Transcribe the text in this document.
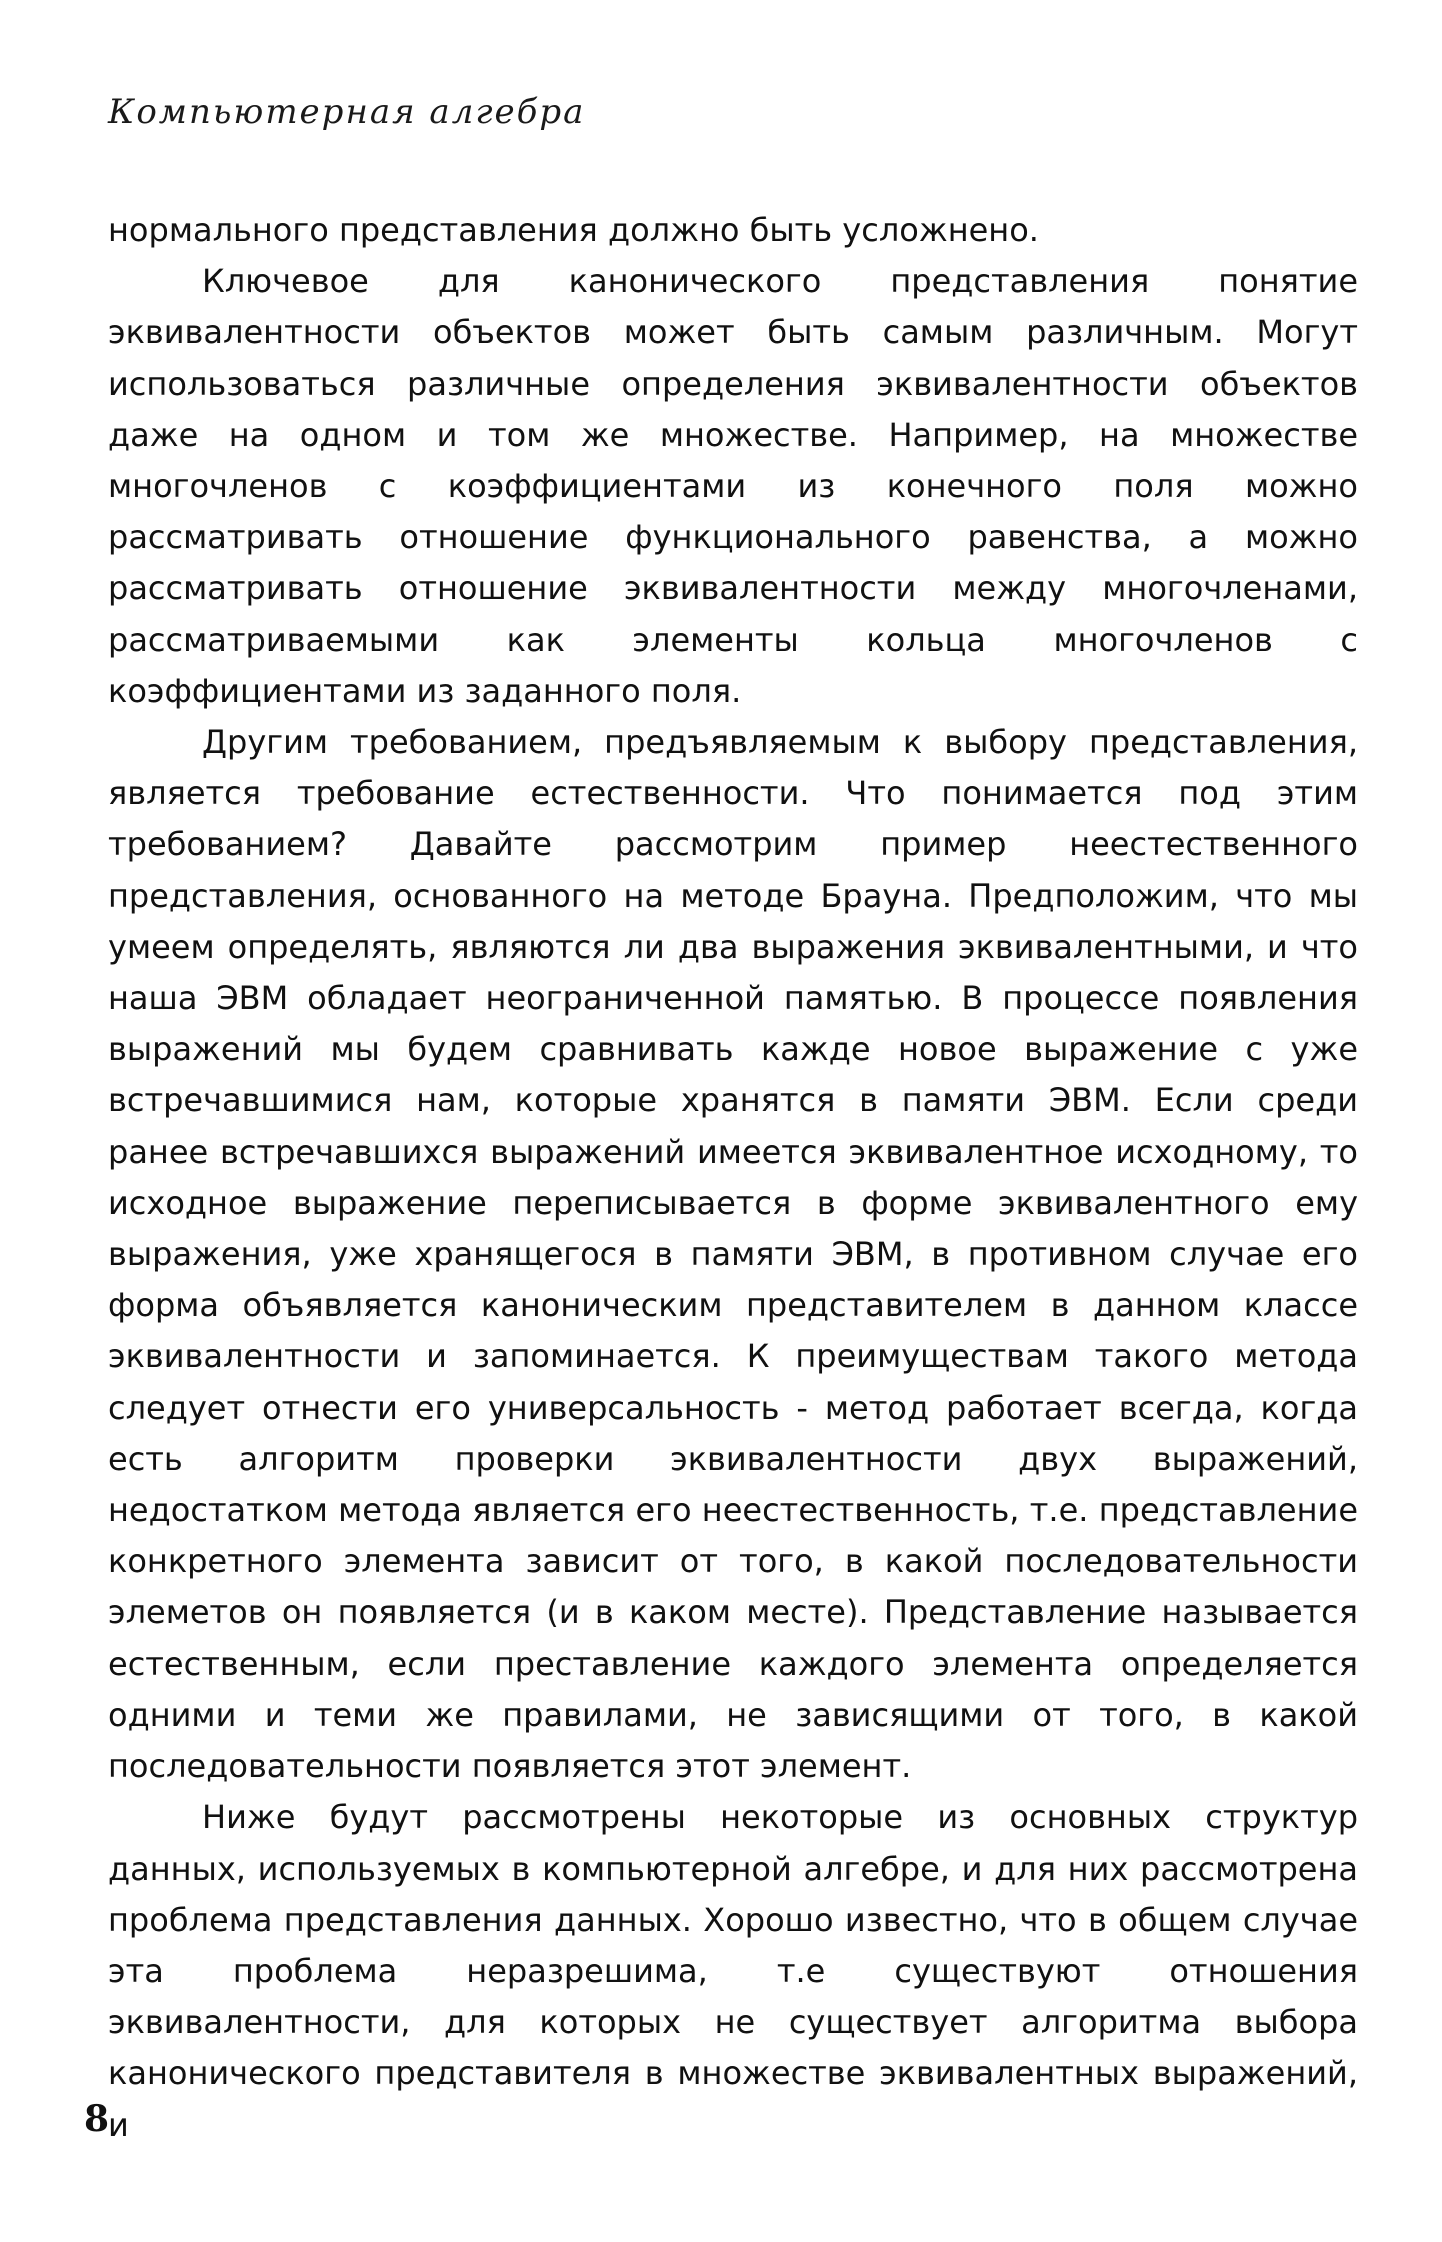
Компьютерная алгебра

нормального представления должно быть усложнено.

Ключевое для канонического представления понятие эквивалентности объектов может быть самым различным. Могут использоваться различные определения эквивалентности объектов даже на одном и том же множестве. Например, на множестве многочленов с коэффициентами из конечного поля можно рассматривать отношение функционального равенства, а можно рассматривать отношение эквивалентности между многочленами, рассматриваемыми как элементы кольца многочленов с коэффициентами из заданного поля.

Другим требованием, предъявляемым к выбору представления, является требование естественности. Что понимается под этим требованием? Давайте рассмотрим пример неестественного представления, основанного на методе Брауна. Предположим, что мы умеем определять, являются ли два выражения эквивалентными, и что наша ЭВМ обладает неограниченной памятью. В процессе появления выражений мы будем сравнивать кажде новое выражение с уже встречавшимися нам, которые хранятся в памяти ЭВМ. Если среди ранее встречавшихся выражений имеется эквивалентное исходному, то исходное выражение переписывается в форме эквивалентного ему выражения, уже хранящегося в памяти ЭВМ, в противном случае его форма объявляется каноническим представителем в данном классе эквивалентности и запоминается. К преимуществам такого метода следует отнести его универсальность - метод работает всегда, когда есть алгоритм проверки эквивалентности двух выражений, недостатком метода является его неестественность, т.е. представление конкретного элемента зависит от того, в какой последовательности элеметов он появляется (и в каком месте). Представление называется естественным, если преставление каждого элемента определяется одними и теми же правилами, не зависящими от того, в какой последовательности появляется этот элемент.

Ниже будут рассмотрены некоторые из основных структур данных, используемых в компьютерной алгебре, и для них рассмотрена проблема представления данных. Хорошо известно, что в общем случае эта проблема неразрешима, т.е существуют отношения эквивалентности, для которых не существует алгоритма выбора канонического представителя в множестве эквивалентных выражений, и

8
